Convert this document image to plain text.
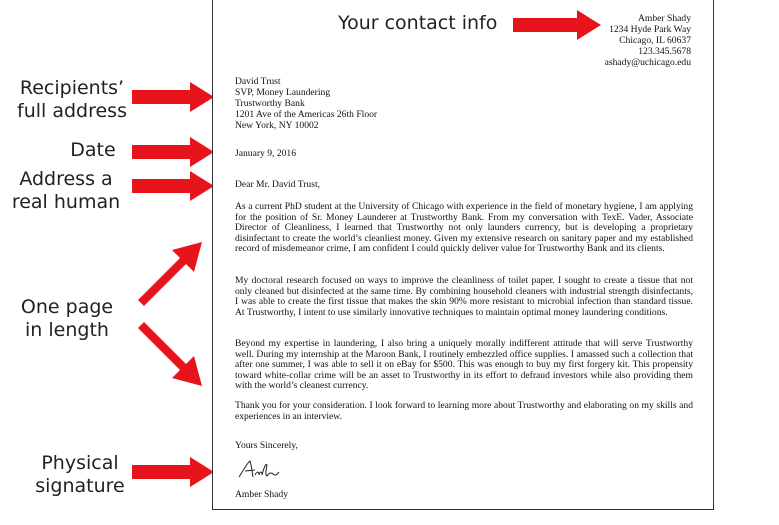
Recipients’
full address
Date
Address a
real human
One page
in length
Physical
signature
Amber Shady
1234 Hyde Park Way
Chicago, IL 60637
123.345.5678
ashady@uchicago.edu
David Trust
SVP, Money Laundering
Trustworthy Bank
1201 Ave of the Americas 26th Floor
New York, NY 10002
January 9, 2016
Dear Mr. David Trust,

As a current PhD student at the University of Chicago with experience in the field of monetary hygiene, I am applying for the position of Sr. Money Launderer at Trustworthy Bank. From my conversation with TexE. Vader, Associate Director of Cleanliness, I learned that Trustworthy not only launders currency, but is developing a proprietary disinfectant to create the world’s cleanliest money. Given my extensive research on sanitary paper and my established record of misdemeanor crime, I am confident I could quickly deliver value for Trustworthy Bank and its clients.

My doctoral research focused on ways to improve the cleanliness of toilet paper. I sought to create a tissue that not only cleaned but disinfected at the same time. By combining household cleaners with industrial strength disinfectants, I was able to create the first tissue that makes the skin 90% more resistant to microbial infection than standard tissue. At Trustworthy, I intent to use similarly innovative techniques to maintain optimal money laundering conditions.

Beyond my expertise in laundering, I also bring a uniquely morally indifferent attitude that will serve Trustworthy well. During my internship at the Maroon Bank, I routinely embezzled office supplies. I amassed such a collection that after one summer, I was able to sell it on eBay for $500. This was enough to buy my first forgery kit. This propensity toward white-collar crime will be an asset to Trustworthy in its effort to defraud investors while also providing them with the world’s cleanest currency.

Thank you for your consideration. I look forward to learning more about Trustworthy and elaborating on my skills and experiences in an interview.

Yours Sincerely,
Amber Shady
Your contact info
